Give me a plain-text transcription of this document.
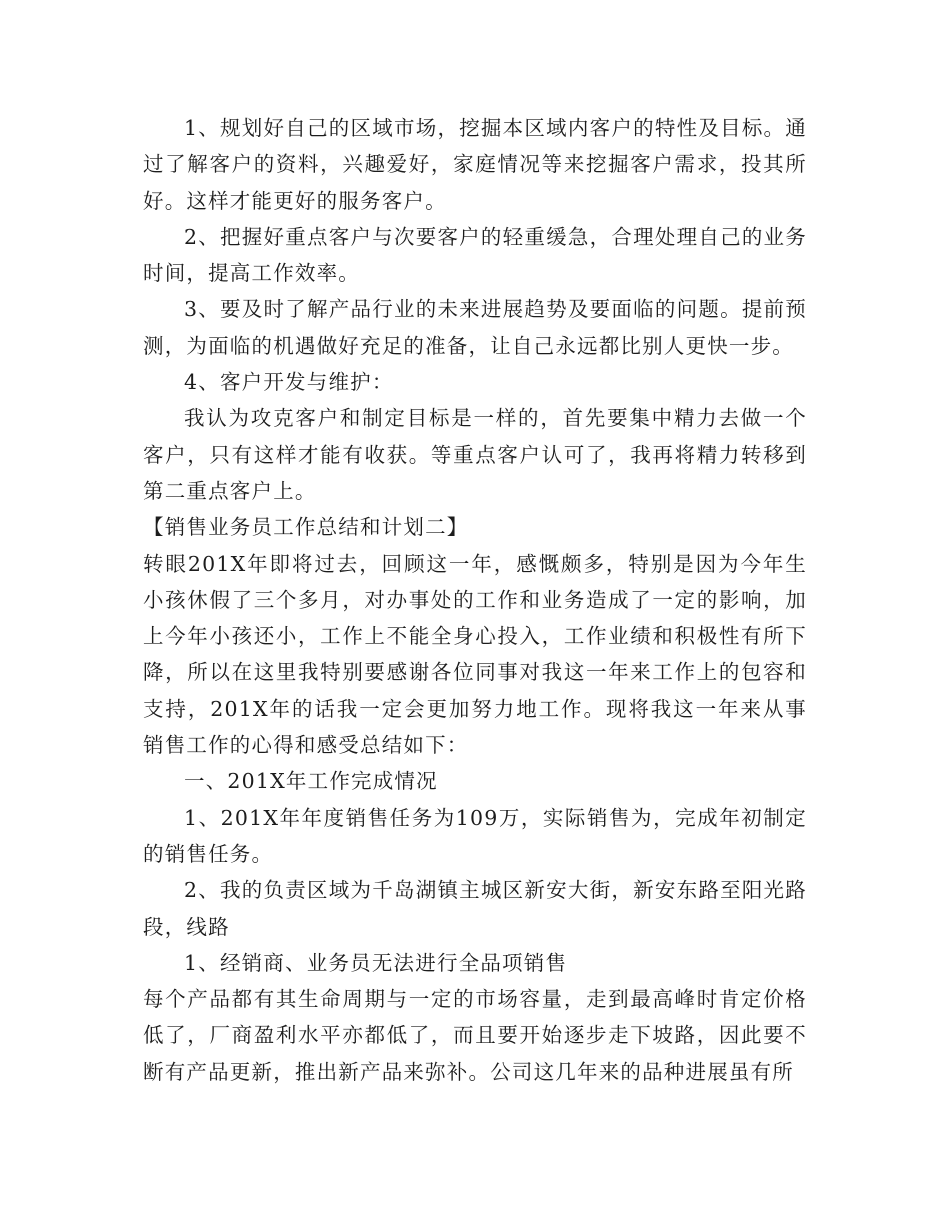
1、规划好自己的区域市场，挖掘本区域内客户的特性及目标。通过了解客户的资料，兴趣爱好，家庭情况等来挖掘客户需求，投其所好。这样才能更好的服务客户。

2、把握好重点客户与次要客户的轻重缓急，合理处理自己的业务时间，提高工作效率。

3、要及时了解产品行业的未来进展趋势及要面临的问题。提前预测，为面临的机遇做好充足的准备，让自己永远都比别人更快一步。

4、客户开发与维护：

我认为攻克客户和制定目标是一样的，首先要集中精力去做一个客户，只有这样才能有收获。等重点客户认可了，我再将精力转移到第二重点客户上。

【销售业务员工作总结和计划二】

转眼201X年即将过去，回顾这一年，感慨颇多，特别是因为今年生小孩休假了三个多月，对办事处的工作和业务造成了一定的影响，加上今年小孩还小，工作上不能全身心投入，工作业绩和积极性有所下降，所以在这里我特别要感谢各位同事对我这一年来工作上的包容和支持，201X年的话我一定会更加努力地工作。现将我这一年来从事销售工作的心得和感受总结如下：

一、201X年工作完成情况

1、201X年年度销售任务为109万，实际销售为，完成年初制定的销售任务。

2、我的负责区域为千岛湖镇主城区新安大街，新安东路至阳光路段，线路

1、经销商、业务员无法进行全品项销售

每个产品都有其生命周期与一定的市场容量，走到最高峰时肯定价格低了，厂商盈利水平亦都低了，而且要开始逐步走下坡路，因此要不断有产品更新，推出新产品来弥补。公司这几年来的品种进展虽有所
